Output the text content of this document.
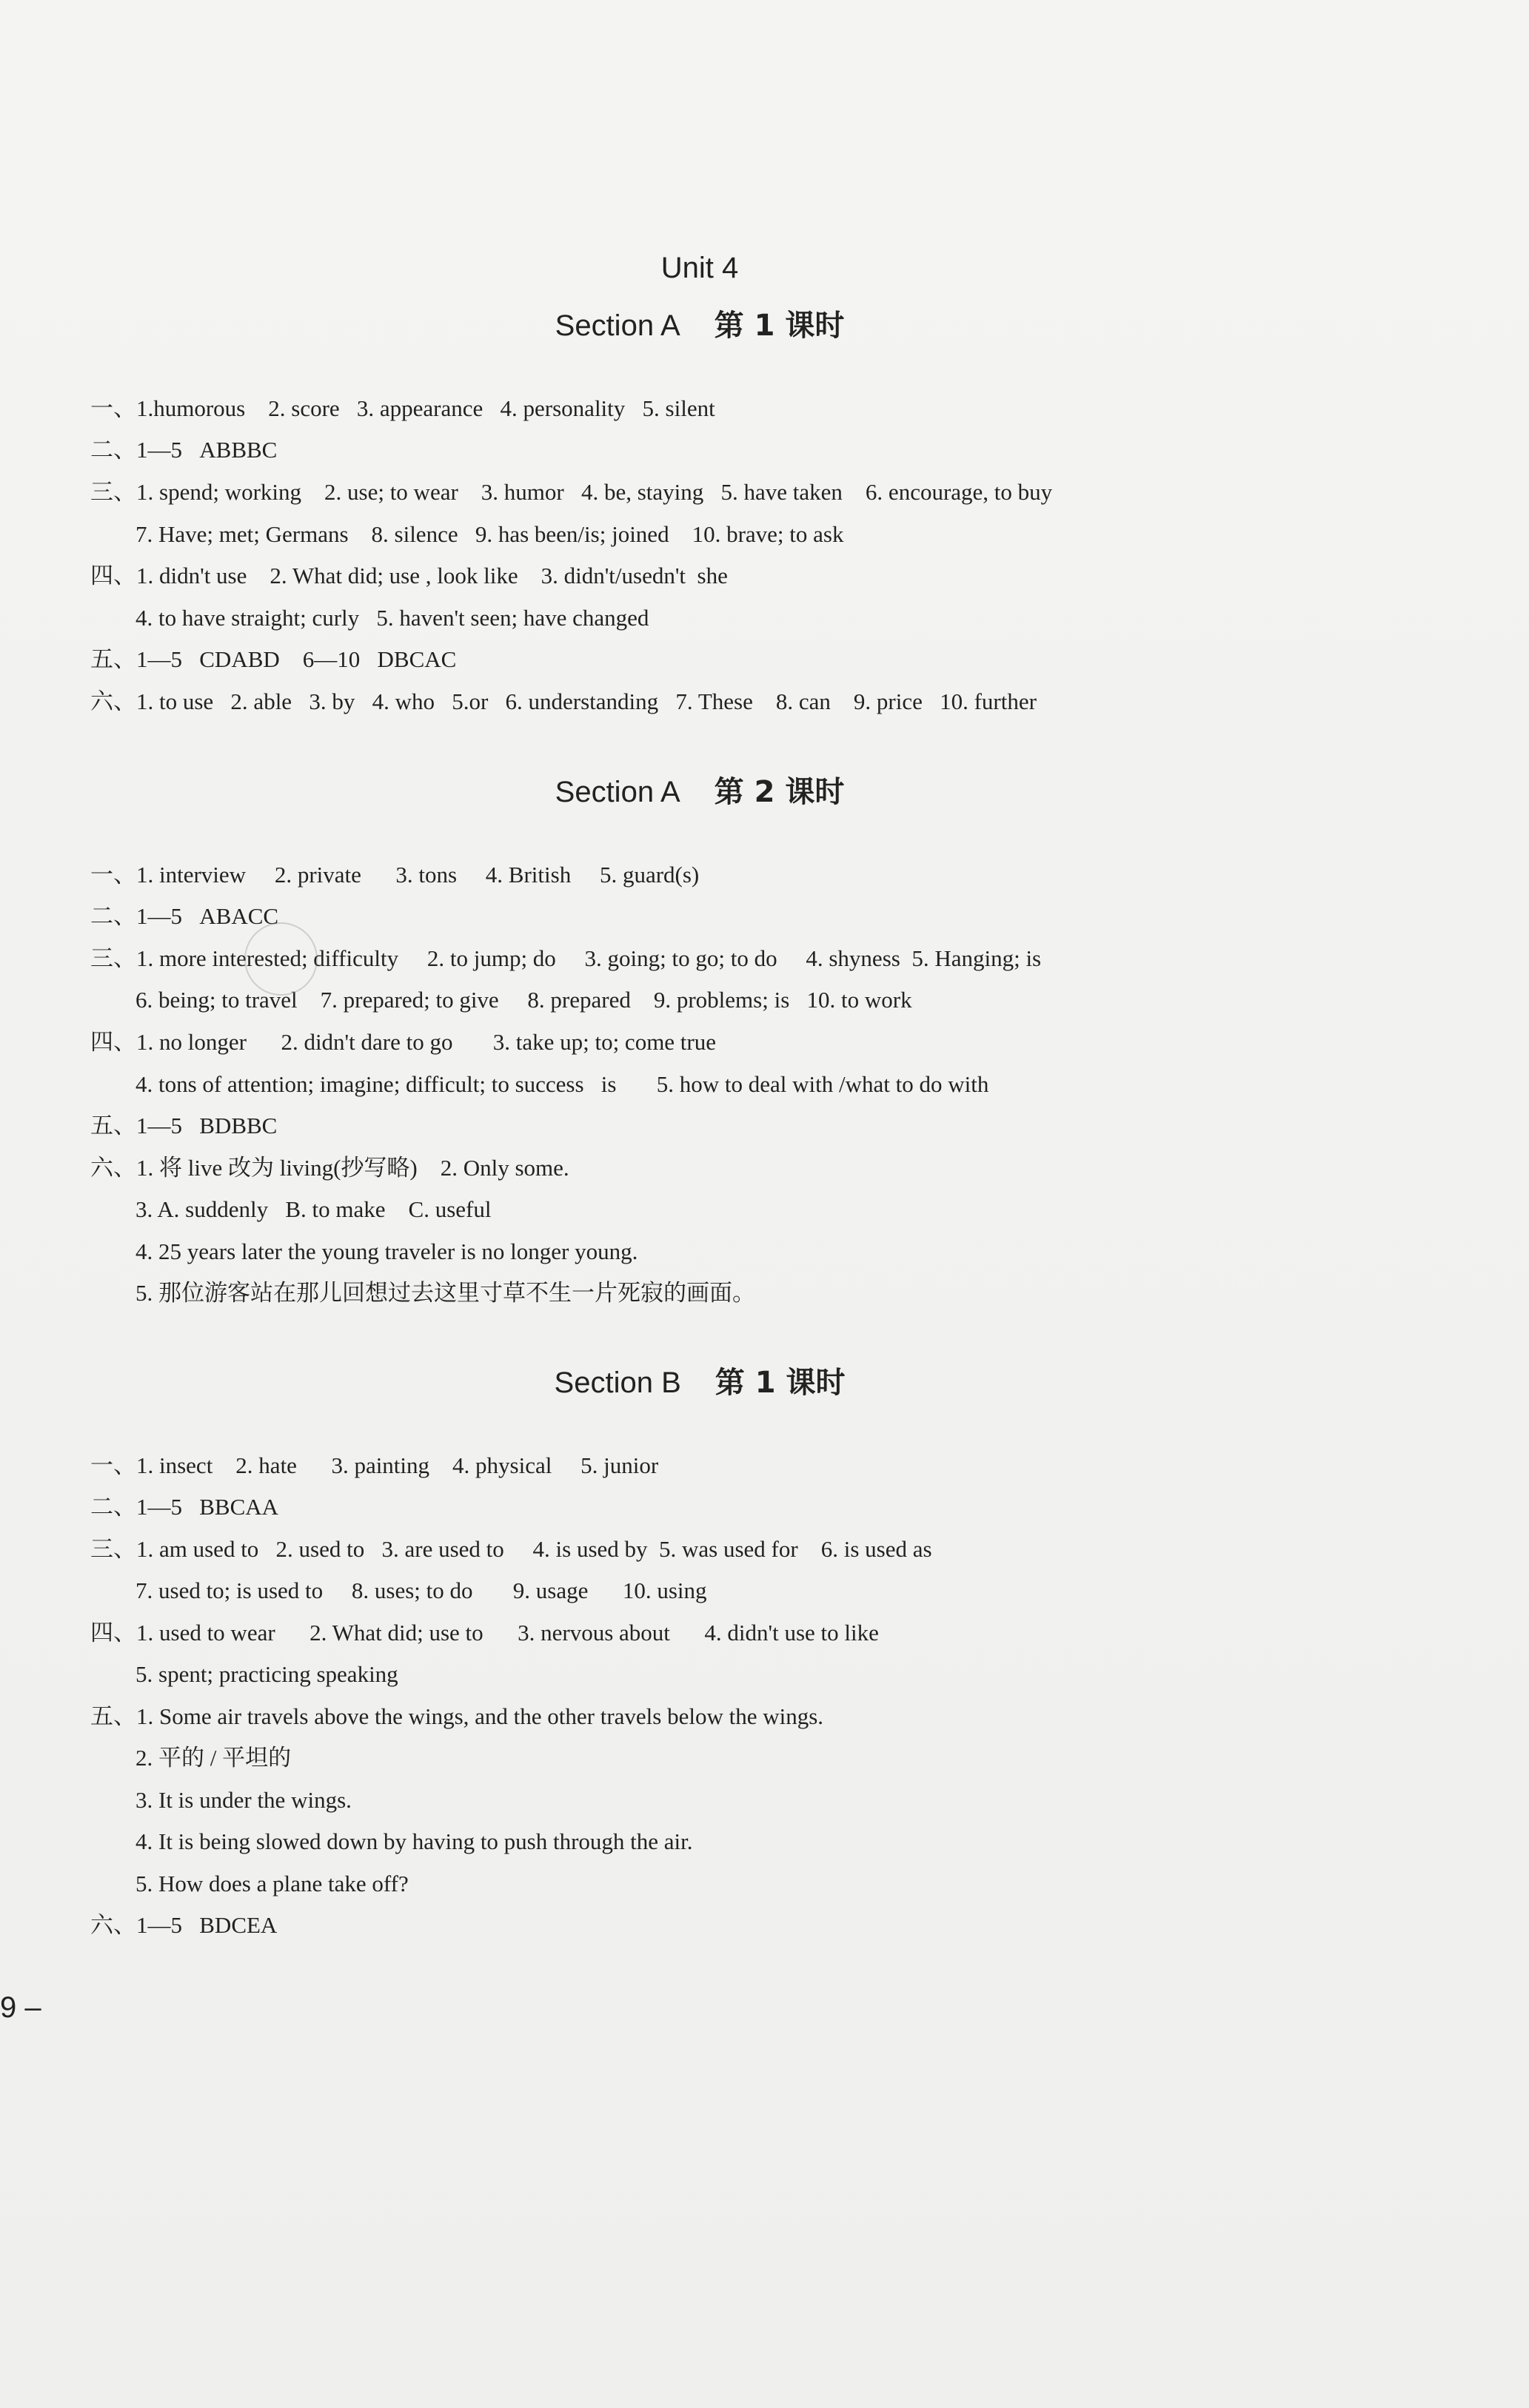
Unit 4
Section A 第 1 课时
一、1.humorous    2. score   3. appearance   4. personality   5. silent
二、1—5   ABBBC
三、1. spend; working    2. use; to wear    3. humor   4. be, staying   5. have taken    6. encourage, to buy
7. Have; met; Germans    8. silence   9. has been/is; joined    10. brave; to ask
四、1. didn't use    2. What did; use , look like    3. didn't/usedn't  she
4. to have straight; curly   5. haven't seen; have changed
五、1—5   CDABD    6—10   DBCAC
六、1. to use   2. able   3. by   4. who   5.or   6. understanding   7. These    8. can    9. price   10. further
Section A 第 2 课时
一、1. interview     2. private      3. tons     4. British     5. guard(s)
二、1—5   ABACC
三、1. more interested; difficulty     2. to jump; do     3. going; to go; to do     4. shyness  5. Hanging; is
6. being; to travel    7. prepared; to give     8. prepared    9. problems; is   10. to work
四、1. no longer      2. didn't dare to go       3. take up; to; come true
4. tons of attention; imagine; difficult; to success   is       5. how to deal with /what to do with
五、1—5   BDBBC
六、1. 将 live 改为 living(抄写略)    2. Only some.
3. A. suddenly   B. to make    C. useful
4. 25 years later the young traveler is no longer young.
5. 那位游客站在那儿回想过去这里寸草不生一片死寂的画面。
Section B 第 1 课时
一、1. insect    2. hate      3. painting    4. physical     5. junior
二、1—5   BBCAA
三、1. am used to   2. used to   3. are used to     4. is used by  5. was used for    6. is used as
7. used to; is used to     8. uses; to do       9. usage      10. using
四、1. used to wear      2. What did; use to      3. nervous about      4. didn't use to like
5. spent; practicing speaking
五、1. Some air travels above the wings, and the other travels below the wings.
2. 平的 / 平坦的
3. It is under the wings.
4. It is being slowed down by having to push through the air.
5. How does a plane take off?
六、1—5   BDCEA
9 –
